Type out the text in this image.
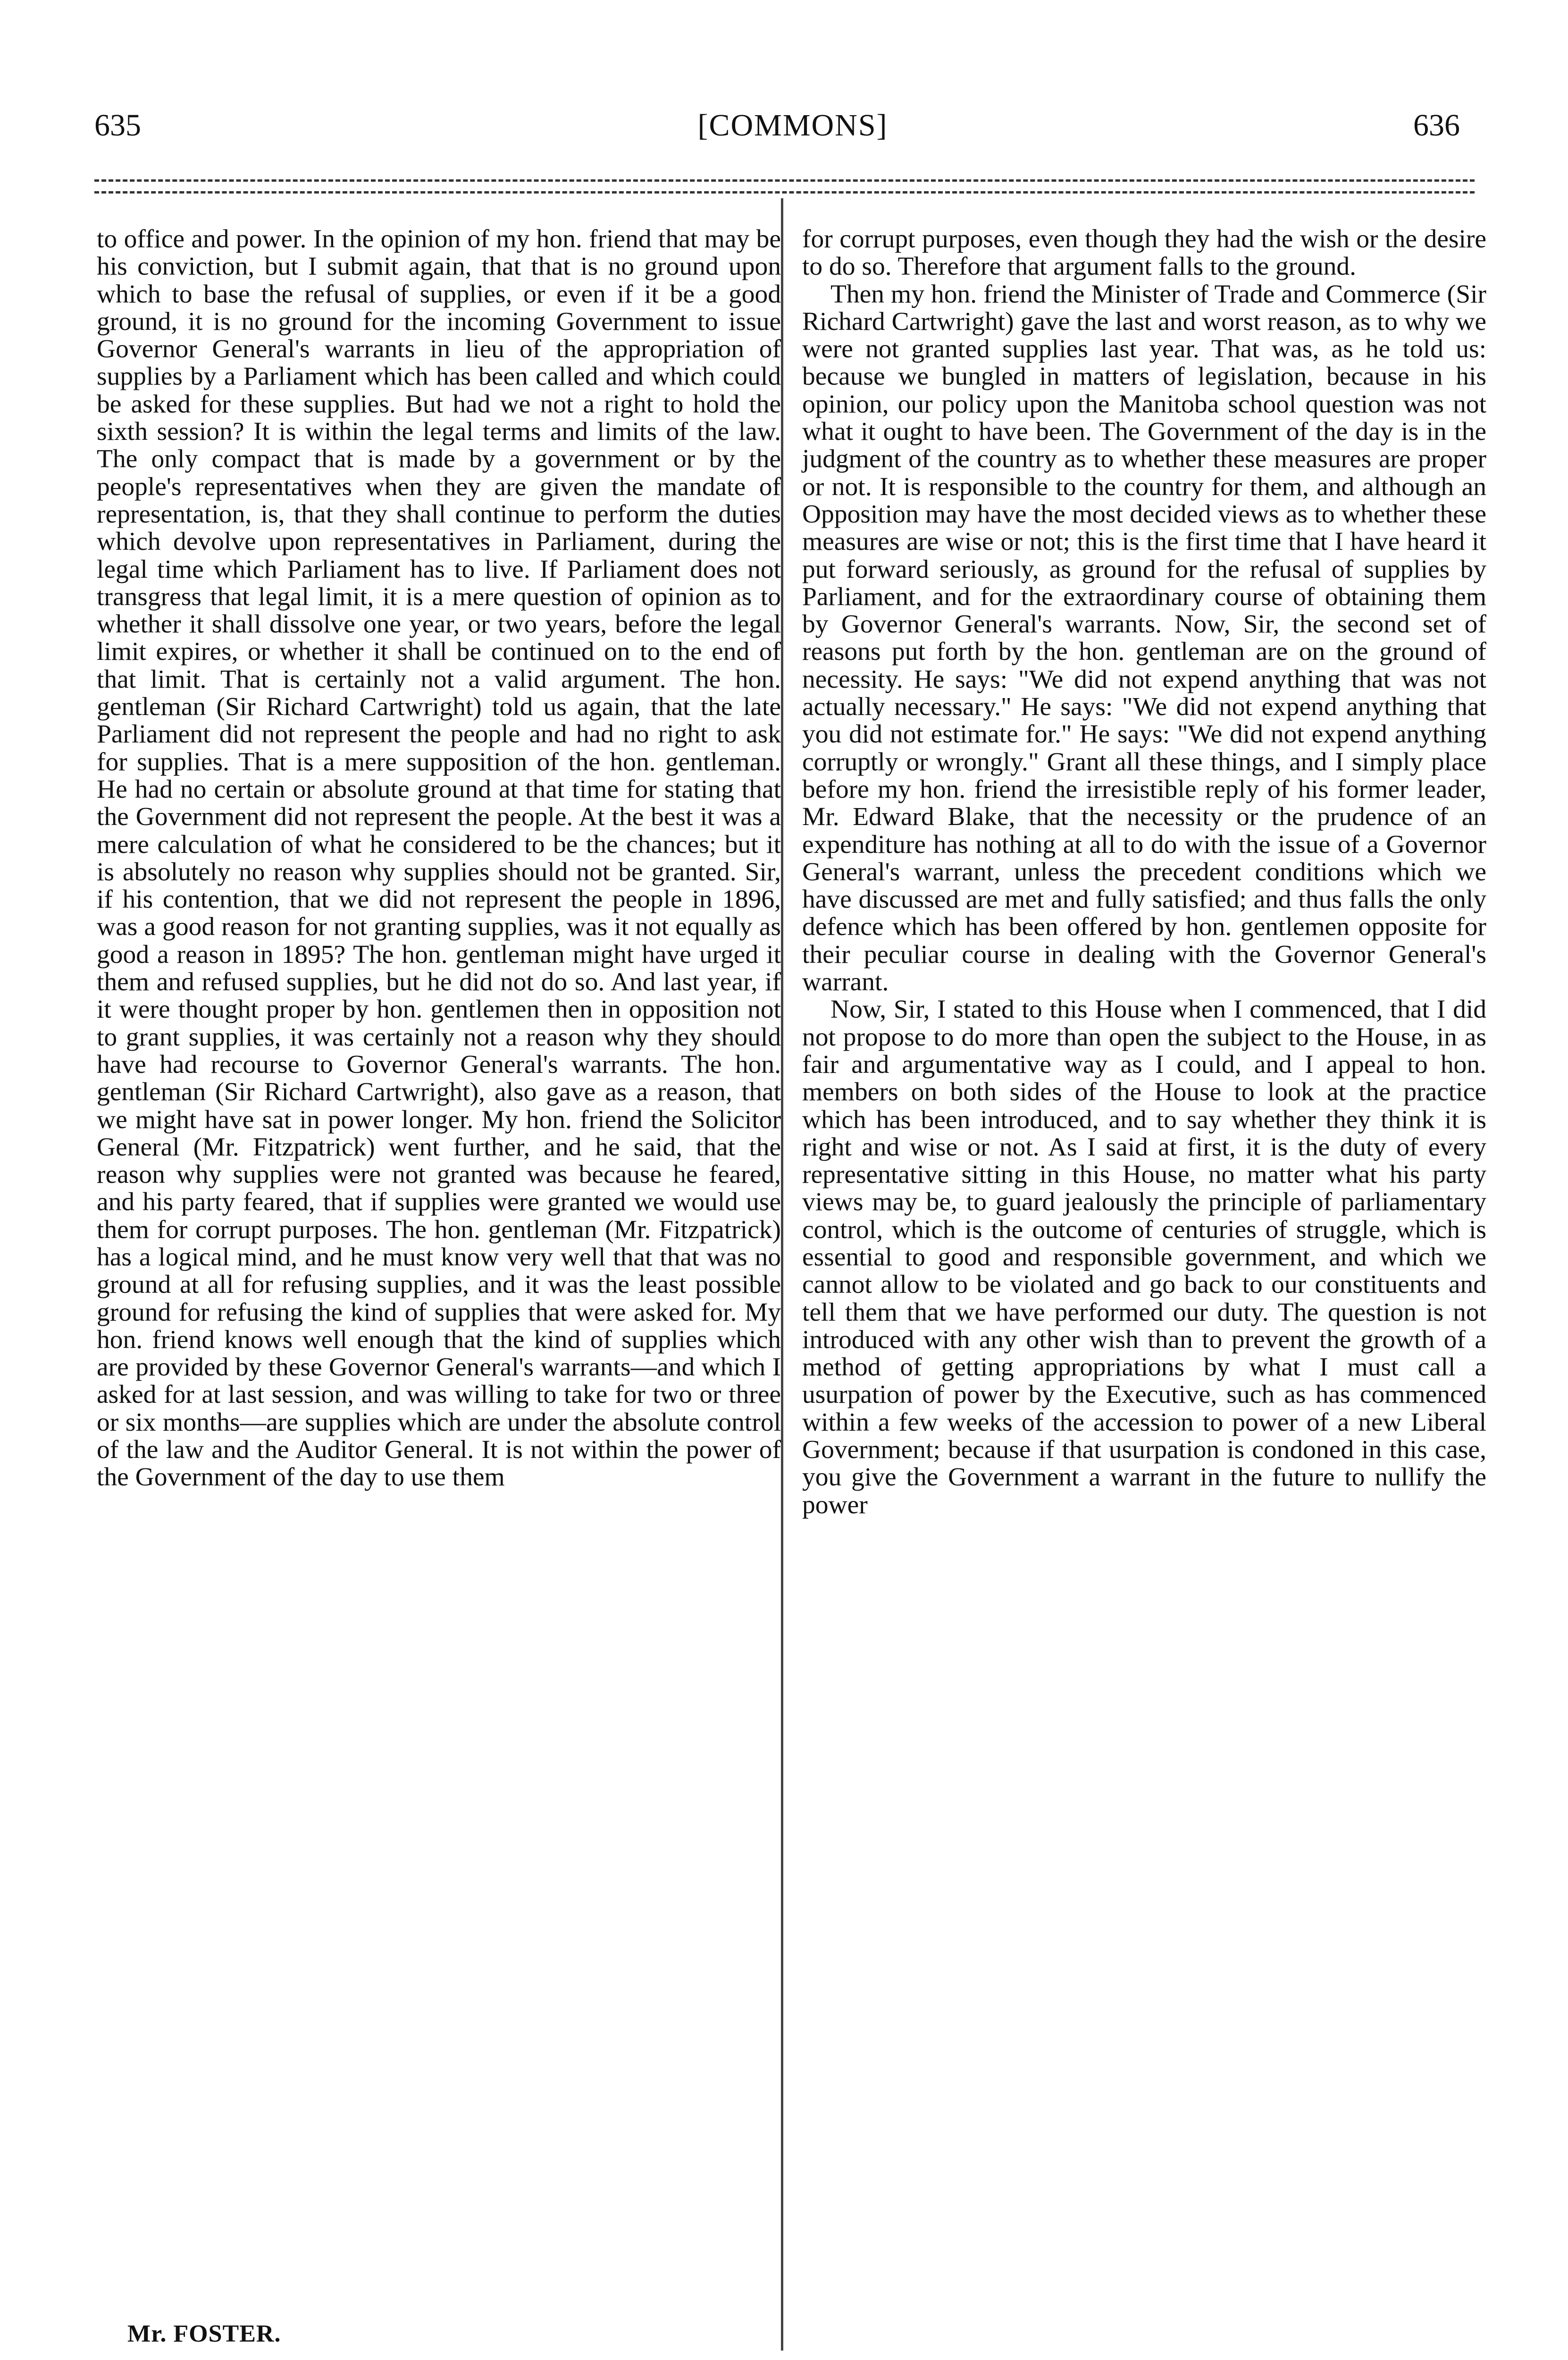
635	[COMMONS]	636

to office and power. In the opinion of my hon. friend that may be his conviction, but I submit again, that that is no ground upon which to base the refusal of supplies, or even if it be a good ground, it is no ground for the incoming Government to issue Governor General's warrants in lieu of the appropriation of supplies by a Parliament which has been called and which could be asked for these supplies. But had we not a right to hold the sixth session? It is within the legal terms and limits of the law. The only compact that is made by a government or by the people's representatives when they are given the mandate of representation, is, that they shall continue to perform the duties which devolve upon representatives in Parliament, during the legal time which Parliament has to live. If Parliament does not transgress that legal limit, it is a mere question of opinion as to whether it shall dissolve one year, or two years, before the legal limit expires, or whether it shall be continued on to the end of that limit. That is certainly not a valid argument. The hon. gentleman (Sir Richard Cartwright) told us again, that the late Parliament did not represent the people and had no right to ask for supplies. That is a mere supposition of the hon. gentleman. He had no certain or absolute ground at that time for stating that the Government did not represent the people. At the best it was a mere calculation of what he considered to be the chances; but it is absolutely no reason why supplies should not be granted. Sir, if his contention, that we did not represent the people in 1896, was a good reason for not granting supplies, was it not equally as good a reason in 1895? The hon. gentleman might have urged it them and refused supplies, but he did not do so. And last year, if it were thought proper by hon. gentlemen then in opposition not to grant supplies, it was certainly not a reason why they should have had recourse to Governor General's warrants. The hon. gentleman (Sir Richard Cartwright), also gave as a reason, that we might have sat in power longer. My hon. friend the Solicitor General (Mr. Fitzpatrick) went further, and he said, that the reason why supplies were not granted was because he feared, and his party feared, that if supplies were granted we would use them for corrupt purposes. The hon. gentleman (Mr. Fitzpatrick) has a logical mind, and he must know very well that that was no ground at all for refusing supplies, and it was the least possible ground for refusing the kind of supplies that were asked for. My hon. friend knows well enough that the kind of supplies which are provided by these Governor General's warrants—and which I asked for at last session, and was willing to take for two or three or six months—are supplies which are under the absolute control of the law and the Auditor General. It is not within the power of the Government of the day to use them

for corrupt purposes, even though they had the wish or the desire to do so. Therefore that argument falls to the ground.

Then my hon. friend the Minister of Trade and Commerce (Sir Richard Cartwright) gave the last and worst reason, as to why we were not granted supplies last year. That was, as he told us: because we bungled in matters of legislation, because in his opinion, our policy upon the Manitoba school question was not what it ought to have been. The Government of the day is in the judgment of the country as to whether these measures are proper or not. It is responsible to the country for them, and although an Opposition may have the most decided views as to whether these measures are wise or not; this is the first time that I have heard it put forward seriously, as ground for the refusal of supplies by Parliament, and for the extraordinary course of obtaining them by Governor General's warrants. Now, Sir, the second set of reasons put forth by the hon. gentleman are on the ground of necessity. He says: "We did not expend anything that was not actually necessary." He says: "We did not expend anything that you did not estimate for." He says: "We did not expend anything corruptly or wrongly." Grant all these things, and I simply place before my hon. friend the irresistible reply of his former leader, Mr. Edward Blake, that the necessity or the prudence of an expenditure has nothing at all to do with the issue of a Governor General's warrant, unless the precedent conditions which we have discussed are met and fully satisfied; and thus falls the only defence which has been offered by hon. gentlemen opposite for their peculiar course in dealing with the Governor General's warrant.

Now, Sir, I stated to this House when I commenced, that I did not propose to do more than open the subject to the House, in as fair and argumentative way as I could, and I appeal to hon. members on both sides of the House to look at the practice which has been introduced, and to say whether they think it is right and wise or not. As I said at first, it is the duty of every representative sitting in this House, no matter what his party views may be, to guard jealously the principle of parliamentary control, which is the outcome of centuries of struggle, which is essential to good and responsible government, and which we cannot allow to be violated and go back to our constituents and tell them that we have performed our duty. The question is not introduced with any other wish than to prevent the growth of a method of getting appropriations by what I must call a usurpation of power by the Executive, such as has commenced within a few weeks of the accession to power of a new Liberal Government; because if that usurpation is condoned in this case, you give the Government a warrant in the future to nullify the power

Mr. FOSTER.
